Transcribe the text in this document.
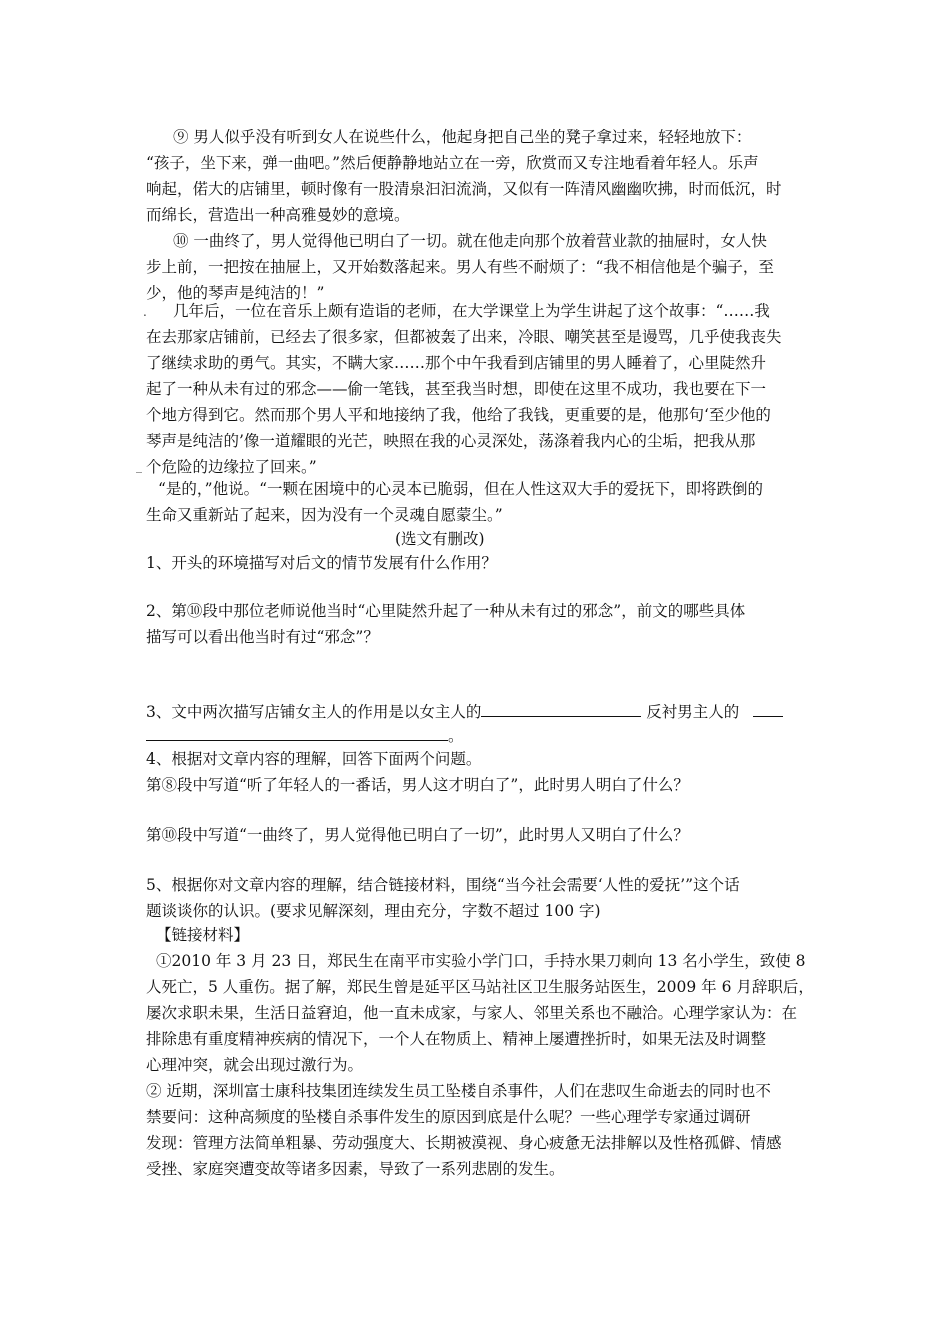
⑨ 男人似乎没有听到女人在说些什么，他起身把自己坐的凳子拿过来，轻轻地放下：
“孩子，坐下来，弹一曲吧。”然后便静静地站立在一旁，欣赏而又专注地看着年轻人。乐声
响起，偌大的店铺里，顿时像有一股清泉汩汩流淌，又似有一阵清风幽幽吹拂，时而低沉，时
而绵长，营造出一种高雅曼妙的意境。
⑩ 一曲终了，男人觉得他已明白了一切。就在他走向那个放着营业款的抽屉时，女人快
步上前，一把按在抽屉上，又开始数落起来。男人有些不耐烦了：“我不相信他是个骗子，至
少，他的琴声是纯洁的！”
. 几年后，一位在音乐上颇有造诣的老师，在大学课堂上为学生讲起了这个故事：“……我
在去那家店铺前，已经去了很多家，但都被轰了出来，冷眼、嘲笑甚至是谩骂，几乎使我丧失
了继续求助的勇气。其实，不瞒大家……那个中午我看到店铺里的男人睡着了，心里陡然升
起了一种从未有过的邪念——偷一笔钱，甚至我当时想，即使在这里不成功，我也要在下一
个地方得到它。然而那个男人平和地接纳了我，他给了我钱，更重要的是，他那句‘至少他的
琴声是纯洁的’像一道耀眼的光芒，映照在我的心灵深处，荡涤着我内心的尘垢，把我从那
个危险的边缘拉了回来。”
‾
“是的，”他说。“一颗在困境中的心灵本已脆弱，但在人性这双大手的爱抚下，即将跌倒的
生命又重新站了起来，因为没有一个灵魂自愿蒙尘。”
(选文有删改)
1、开头的环境描写对后文的情节发展有什么作用？
2、第⑩段中那位老师说他当时“心里陡然升起了一种从未有过的邪念”，前文的哪些具体
描写可以看出他当时有过“邪念”？
3、文中两次描写店铺女主人的作用是以女主人的	反衬男主人的
。
4、根据对文章内容的理解，回答下面两个问题。
第⑧段中写道“听了年轻人的一番话，男人这才明白了”，此时男人明白了什么？
第⑩段中写道“一曲终了，男人觉得他已明白了一切”，此时男人又明白了什么？
5、根据你对文章内容的理解，结合链接材料，围绕“当今社会需要‘人性的爱抚’”这个话
题谈谈你的认识。(要求见解深刻，理由充分，字数不超过 100 字)
【链接材料】
①2010 年 3 月 23 日，郑民生在南平市实验小学门口，手持水果刀刺向 13 名小学生，致使 8
人死亡，5 人重伤。据了解，郑民生曾是延平区马站社区卫生服务站医生，2009 年 6 月辞职后，
屡次求职未果，生活日益窘迫，他一直未成家，与家人、邻里关系也不融洽。心理学家认为：在
排除患有重度精神疾病的情况下，一个人在物质上、精神上屡遭挫折时，如果无法及时调整
心理冲突，就会出现过激行为。
② 近期，深圳富士康科技集团连续发生员工坠楼自杀事件，人们在悲叹生命逝去的同时也不
禁要问：这种高频度的坠楼自杀事件发生的原因到底是什么呢？一些心理学专家通过调研
发现：管理方法简单粗暴、劳动强度大、长期被漠视、身心疲惫无法排解以及性格孤僻、情感
受挫、家庭突遭变故等诸多因素，导致了一系列悲剧的发生。
